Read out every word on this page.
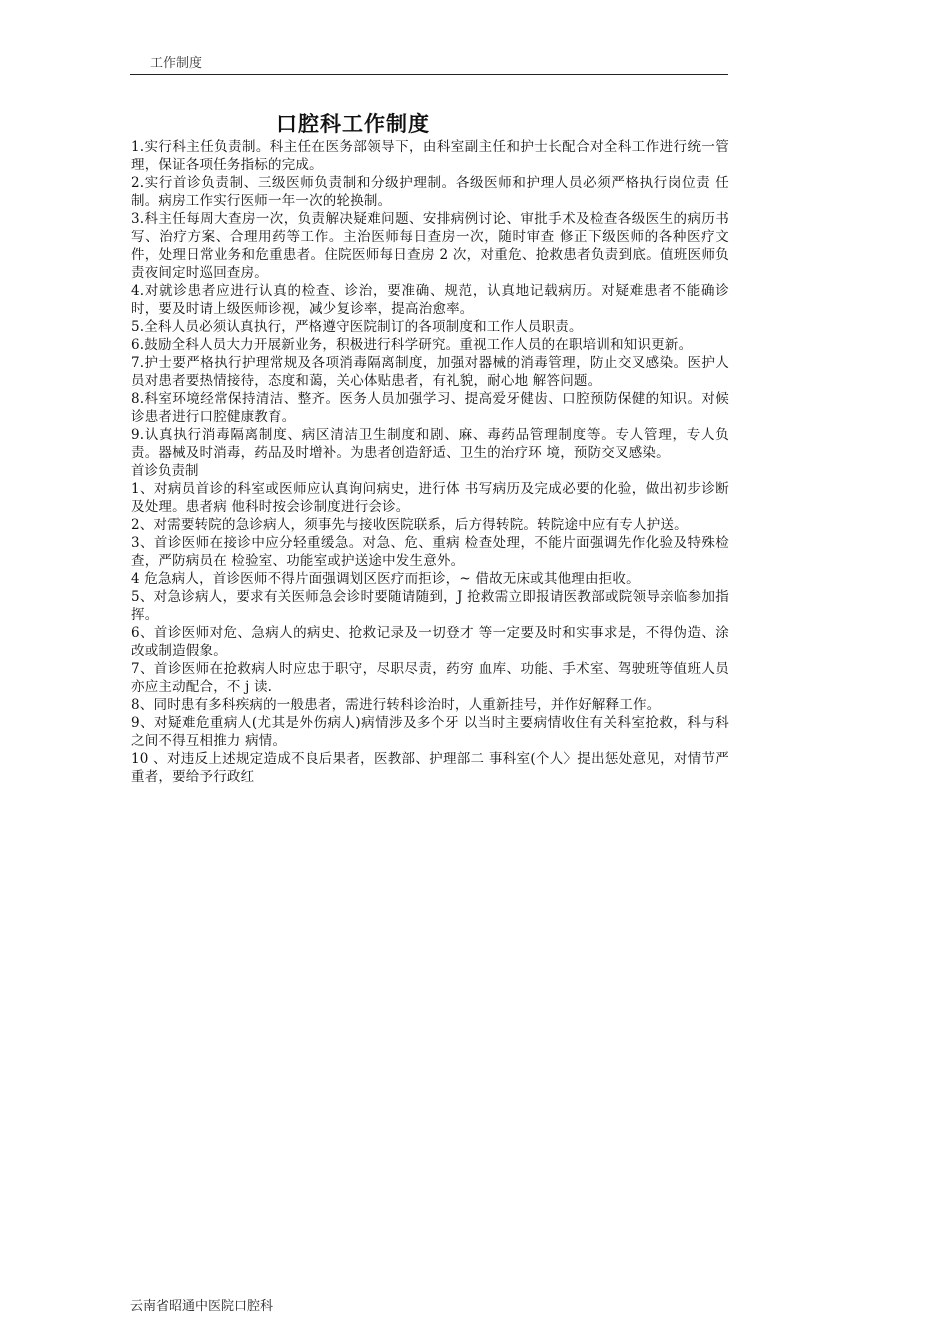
工作制度
口腔科工作制度

1.实行科主任负责制。科主任在医务部领导下，由科室副主任和护士长配合对全科工作进行统一管理，保证各项任务指标的完成。

2.实行首诊负责制、三级医师负责制和分级护理制。各级医师和护理人员必须严格执行岗位责 任制。病房工作实行医师一年一次的轮换制。

3.科主任每周大查房一次，负责解决疑难问题、安排病例讨论、审批手术及检查各级医生的病历书写、治疗方案、合理用药等工作。主治医师每日查房一次，随时审查 修正下级医师的各种医疗文件，处理日常业务和危重患者。住院医师每日查房 2 次，对重危、抢救患者负责到底。值班医师负责夜间定时巡回查房。

4.对就诊患者应进行认真的检查、诊治，要准确、规范，认真地记载病历。对疑难患者不能确诊时，要及时请上级医师诊视，减少复诊率，提高治愈率。

5.全科人员必须认真执行，严格遵守医院制订的各项制度和工作人员职责。

6.鼓励全科人员大力开展新业务，积极进行科学研究。重视工作人员的在职培训和知识更新。

7.护士要严格执行护理常规及各项消毒隔离制度，加强对器械的消毒管理，防止交叉感染。医护人员对患者要热情接待，态度和蔼，关心体贴患者，有礼貌，耐心地 解答问题。

8.科室环境经常保持清洁、整齐。医务人员加强学习、提高爱牙健齿、口腔预防保健的知识。对候诊患者进行口腔健康教育。

9.认真执行消毒隔离制度、病区清洁卫生制度和剧、麻、毒药品管理制度等。专人管理，专人负责。器械及时消毒，药品及时增补。为患者创造舒适、卫生的治疗环 境，预防交叉感染。

首诊负责制

1、对病员首诊的科室或医师应认真询问病史，进行体 书写病历及完成必要的化验，做出初步诊断及处理。患者病 他科时按会诊制度进行会诊。

2、对需要转院的急诊病人，须事先与接收医院联系，后方得转院。转院途中应有专人护送。

3、首诊医师在接诊中应分轻重缓急。对急、危、重病 检查处理，不能片面强调先作化验及特殊检查，严防病员在 检验室、功能室或护送途中发生意外。

4 危急病人，首诊医师不得片面强调划区医疗而拒诊，~ 借故无床或其他理由拒收。

5、对急诊病人，要求有关医师急会诊时要随请随到，J 抢救需立即报请医教部或院领导亲临参加指挥。

6、首诊医师对危、急病人的病史、抢救记录及一切登才 等一定要及时和实事求是，不得伪造、涂改或制造假象。

7、首诊医师在抢救病人时应忠于职守，尽职尽责，药穷 血库、功能、手术室、驾驶班等值班人员亦应主动配合，不 j 读.

8、同时患有多科疾病的一般患者，需进行转科诊治时，人重新挂号，并作好解释工作。

9、对疑难危重病人(尤其是外伤病人)病情涉及多个牙 以当时主要病情收住有关科室抢救，科与科之间不得互相推力 病情。

10 、对违反上述规定造成不良后果者，医教部、护理部二 事科室(个人〉提出惩处意见，对情节严重者，要给予行政红

云南省昭通中医院口腔科
